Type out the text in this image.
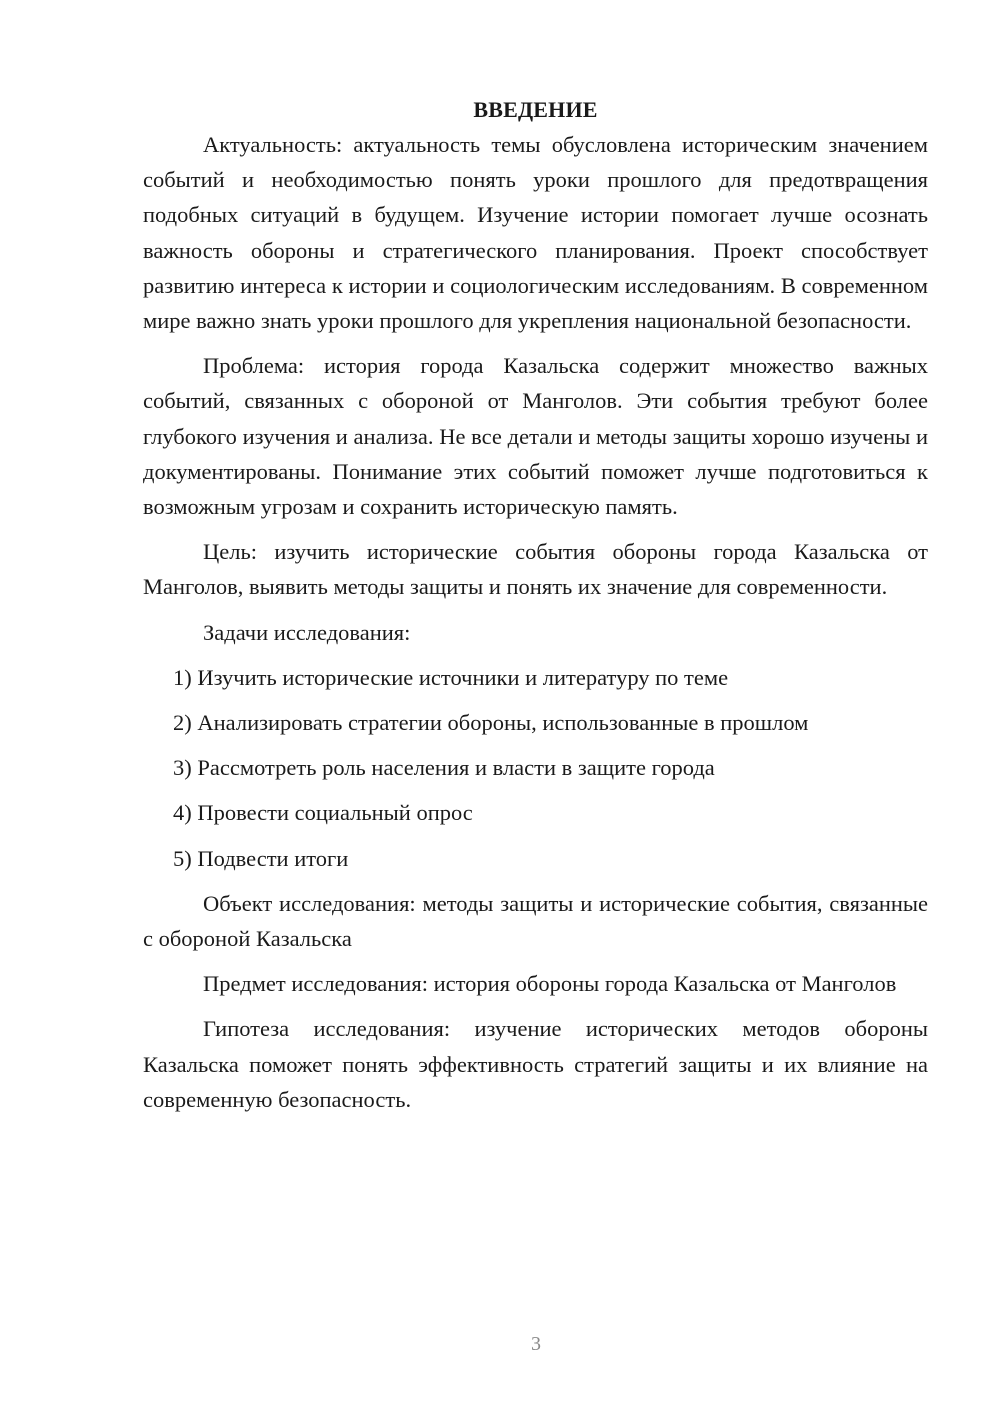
ВВЕДЕНИЕ

Актуальность: актуальность темы обусловлена историческим значением событий и необходимостью понять уроки прошлого для предотвращения подобных ситуаций в будущем. Изучение истории помогает лучше осознать важность обороны и стратегического планирования. Проект способствует развитию интереса к истории и социологическим исследованиям. В современном мире важно знать уроки прошлого для укрепления национальной безопасности.

Проблема: история города Казальска содержит множество важных событий, связанных с обороной от Манголов. Эти события требуют более глубокого изучения и анализа. Не все детали и методы защиты хорошо изучены и документированы. Понимание этих событий поможет лучше подготовиться к возможным угрозам и сохранить историческую память.

Цель: изучить исторические события обороны города Казальска от Манголов, выявить методы защиты и понять их значение для современности.

Задачи исследования:

1) Изучить исторические источники и литературу по теме
2) Анализировать стратегии обороны, использованные в прошлом
3) Рассмотреть роль населения и власти в защите города
4) Провести социальный опрос
5) Подвести итоги

Объект исследования: методы защиты и исторические события, связанные с обороной Казальска

Предмет исследования: история обороны города Казальска от Манголов

Гипотеза исследования: изучение исторических методов обороны Казальска поможет понять эффективность стратегий защиты и их влияние на современную безопасность.

3
